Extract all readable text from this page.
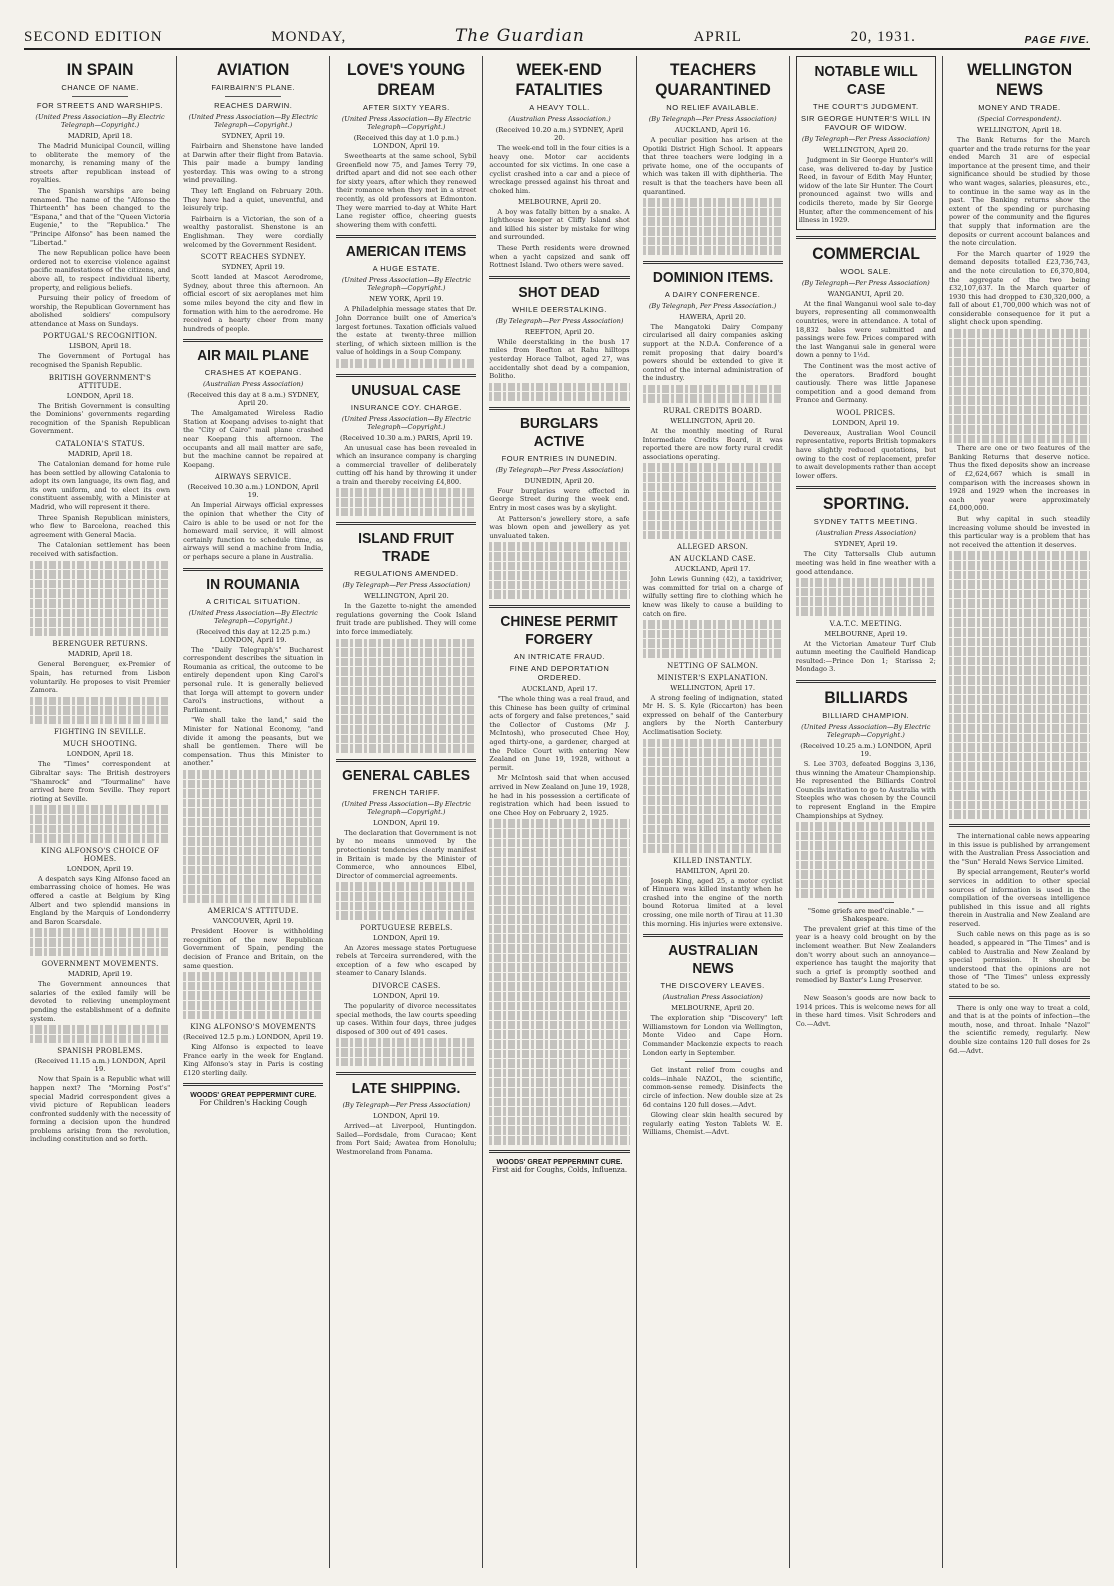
SECOND EDITION	MONDAY,	The Guardian	APRIL	20, 1931.	PAGE FIVE.
IN SPAIN
CHANCE OF NAME.
FOR STREETS AND WARSHIPS.
(United Press Association—By Electric Telegraph—Copyright.)
MADRID, April 18.

The Madrid Municipal Council, willing to obliterate the memory of the monarchy, is renaming many of the streets after republican instead of royalties.

The Spanish warships are being renamed. The name of the "Alfonso the Thirteenth" has been changed to the "Espana," and that of the "Queen Victoria Eugenie," to the "Republica." The "Principe Alfonso" has been named the "Libertad."

The new Republican police have been ordered not to exercise violence against pacific manifestations of the citizens, and above all, to respect individual liberty, property, and religious beliefs.

Pursuing their policy of freedom of worship, the Republican Government has abolished soldiers' compulsory attendance at Mass on Sundays.

PORTUGAL'S RECOGNITION.
LISBON, April 18.

The Government of Portugal has recognised the Spanish Republic.

BRITISH GOVERNMENT'S ATTITUDE.
LONDON, April 18.

The British Government is consulting the Dominions' governments regarding recognition of the Spanish Republican Government.

CATALONIA'S STATUS.
MADRID, April 18.

The Catalonian demand for home rule has been settled by allowing Catalonia to adopt its own language, its own flag, and its own uniform, and to elect its own constituent assembly, with a Minister at Madrid, who will represent it there.

Three Spanish Republican ministers, who flew to Barcelona, reached this agreement with General Macia.

The Catalonian settlement has been received with satisfaction.

BERENGUER RETURNS.
MADRID, April 18.

General Berenguer, ex-Premier of Spain, has returned from Lisbon voluntarily. He proposes to visit Premier Zamora.

FIGHTING IN SEVILLE.
MUCH SHOOTING.
LONDON, April 18.

The "Times" correspondent at Gibraltar says: The British destroyers "Shamrock" and "Tourmaline" have arrived here from Seville. They report rioting at Seville.

KING ALFONSO'S CHOICE OF HOMES.
LONDON, April 19.

A despatch says King Alfonso faced an embarrassing choice of homes. He was offered a castle at Belgium by King Albert and two splendid mansions in England by the Marquis of Londonderry and Baron Scarsdale.

GOVERNMENT MOVEMENTS.
MADRID, April 19.

The Government announces that salaries of the exiled family will be devoted to relieving unemployment pending the establishment of a definite system.

SPANISH PROBLEMS.
(Received 11.15 a.m.) LONDON, April 19.

Now that Spain is a Republic what will happen next? The "Morning Post's" special Madrid correspondent gives a vivid picture of Republican leaders confronted suddenly with the necessity of forming a decision upon the hundred problems arising from the revolution, including constitution and so forth.

AVIATION
FAIRBAIRN'S PLANE.
REACHES DARWIN.
(United Press Association—By Electric Telegraph—Copyright.)
SYDNEY, April 19.

Fairbairn and Shenstone have landed at Darwin after their flight from Batavia. This pair made a bumpy landing yesterday. This was owing to a strong wind prevailing.

They left England on February 20th. They have had a quiet, uneventful, and leisurely trip.

Fairbairn is a Victorian, the son of a wealthy pastoralist. Shenstone is an Englishman. They were cordially welcomed by the Government Resident.

SCOTT REACHES SYDNEY.
SYDNEY, April 19.

Scott landed at Mascot Aerodrome, Sydney, about three this afternoon. An official escort of six aeroplanes met him some miles beyond the city and flew in formation with him to the aerodrome. He received a hearty cheer from many hundreds of people.

AIR MAIL PLANE
CRASHES AT KOEPANG.
(Australian Press Association)
(Received this day at 8 a.m.) SYDNEY, April 20.

The Amalgamated Wireless Radio Station at Koepang advises to-night that the "City of Cairo" mail plane crashed near Koepang this afternoon. The occupants and all mail matter are safe, but the machine cannot be repaired at Koepang.

AIRWAYS SERVICE.
(Received 10.30 a.m.) LONDON, April 19.

An Imperial Airways official expresses the opinion that whether the City of Cairo is able to be used or not for the homeward mail service, it will almost certainly function to schedule time, as airways will send a machine from India, or perhaps secure a plane in Australia.

IN ROUMANIA
A CRITICAL SITUATION.
(United Press Association—By Electric Telegraph—Copyright.)
(Received this day at 12.25 p.m.) LONDON, April 19.

The "Daily Telegraph's" Bucharest correspondent describes the situation in Roumania as critical, the outcome to be entirely dependent upon King Carol's personal rule. It is generally believed that Iorga will attempt to govern under Carol's instructions, without a Parliament.

"We shall take the land," said the Minister for National Economy, "and divide it among the peasants, but we shall be gentlemen. There will be compensation. Thus this Minister to another."

AMERICA'S ATTITUDE.
VANCOUVER, April 19.

President Hoover is withholding recognition of the new Republican Government of Spain, pending the decision of France and Britain, on the same question.

KING ALFONSO'S MOVEMENTS
(Received 12.5 p.m.) LONDON, April 19.

King Alfonso is expected to leave France early in the week for England. King Alfonso's stay in Paris is costing £120 sterling daily.

WOODS' GREAT PEPPERMINT CURE.
For Children's Hacking Cough
LOVE'S YOUNG DREAM
AFTER SIXTY YEARS.
(United Press Association—By Electric Telegraph—Copyright.)
(Received this day at 1.0 p.m.) LONDON, April 19.

Sweethearts at the same school, Sybil Greenfield now 75, and James Terry 79, drifted apart and did not see each other for sixty years, after which they renewed their romance when they met in a street recently, as old professors at Edmonton. They were married to-day at White Hart Lane register office, cheering guests showering them with confetti.

AMERICAN ITEMS
A HUGE ESTATE.
(United Press Association—By Electric Telegraph—Copyright.)
NEW YORK, April 19.

A Philadelphia message states that Dr. John Dorrance built one of America's largest fortunes. Taxation officials valued the estate at twenty-three million sterling, of which sixteen million is the value of holdings in a Soup Company.

UNUSUAL CASE
INSURANCE COY. CHARGE.
(United Press Association—By Electric Telegraph—Copyright.)
(Received 10.30 a.m.) PARIS, April 19.

An unusual case has been revealed in which an insurance company is charging a commercial traveller of deliberately cutting off his hand by throwing it under a train and thereby receiving £4,800.

ISLAND FRUIT TRADE
REGULATIONS AMENDED.
(By Telegraph—Per Press Association)
WELLINGTON, April 20.

In the Gazette to-night the amended regulations governing the Cook Island fruit trade are published. They will come into force immediately.

GENERAL CABLES
FRENCH TARIFF.
(United Press Association—By Electric Telegraph—Copyright.)
LONDON, April 19.

The declaration that Government is not by no means unmoved by the protectionist tendencies clearly manifest in Britain is made by the Minister of Commerce, who announces Elbel, Director of commercial agreements.

PORTUGUESE REBELS.
LONDON, April 19.

An Azores message states Portuguese rebels at Terceira surrendered, with the exception of a few who escaped by steamer to Canary Islands.

DIVORCE CASES.
LONDON, April 19.

The popularity of divorce necessitates special methods, the law courts speeding up cases. Within four days, three judges disposed of 300 out of 491 cases.

LATE SHIPPING.
(By Telegraph—Per Press Association)
LONDON, April 19.

Arrived—at Liverpool, Huntingdon. Sailed—Fordsdale, from Curacao; Kent from Port Said; Awatea from Honolulu; Westmoreland from Panama.

WEEK-END FATALITIES
A HEAVY TOLL.
(Australian Press Association.)
(Received 10.20 a.m.) SYDNEY, April 20.

The week-end toll in the four cities is a heavy one. Motor car accidents accounted for six victims. In one case a cyclist crashed into a car and a piece of wreckage pressed against his throat and choked him.

MELBOURNE, April 20.

A boy was fatally bitten by a snake. A lighthouse keeper at Cliffy Island shot and killed his sister by mistake for wing and surrounded.

These Perth residents were drowned when a yacht capsized and sank off Rottnest Island. Two others were saved.

SHOT DEAD
WHILE DEERSTALKING.
(By Telegraph—Per Press Association)
REEFTON, April 20.

While deerstalking in the bush 17 miles from Reefton at Rahu hilltops yesterday Horace Talbot, aged 27, was accidentally shot dead by a companion, Bolitho.

BURGLARS ACTIVE
FOUR ENTRIES IN DUNEDIN.
(By Telegraph—Per Press Association)
DUNEDIN, April 20.

Four burglaries were effected in George Street during the week end. Entry in most cases was by a skylight.

At Patterson's jewellery store, a safe was blown open and jewellery as yet unvaluated taken.

CHINESE PERMIT FORGERY
AN INTRICATE FRAUD.
FINE AND DEPORTATION ORDERED.
AUCKLAND, April 17.

"The whole thing was a real fraud, and this Chinese has been guilty of criminal acts of forgery and false pretences," said the Collector of Customs (Mr J. McIntosh), who prosecuted Chee Hoy, aged thirty-one, a gardener, charged at the Police Court with entering New Zealand on June 19, 1928, without a permit.

Mr McIntosh said that when accused arrived in New Zealand on June 19, 1928, he had in his possession a certificate of registration which had been issued to one Chee Hoy on February 2, 1925.

WOODS' GREAT PEPPERMINT CURE.
First aid for Coughs, Colds, Influenza.
TEACHERS QUARANTINED
NO RELIEF AVAILABLE.
(By Telegraph—Per Press Association)
AUCKLAND, April 16.

A peculiar position has arisen at the Opotiki District High School. It appears that three teachers were lodging in a private home, one of the occupants of which was taken ill with diphtheria. The result is that the teachers have been all quarantined.

DOMINION ITEMS.
A DAIRY CONFERENCE.
(By Telegraph, Per Press Association.)
HAWERA, April 20.

The Mangatoki Dairy Company circularised all dairy companies asking support at the N.D.A. Conference of a remit proposing that dairy board's powers should be extended to give it control of the internal administration of the industry.

RURAL CREDITS BOARD.
WELLINGTON, April 20.

At the monthly meeting of Rural Intermediate Credits Board, it was reported there are now forty rural credit associations operating.

ALLEGED ARSON.
AN AUCKLAND CASE.
AUCKLAND, April 17.

John Lewis Gunning (42), a taxidriver, was committed for trial on a charge of wilfully setting fire to clothing which he knew was likely to cause a building to catch on fire.

NETTING OF SALMON.
MINISTER'S EXPLANATION.
WELLINGTON, April 17.

A strong feeling of indignation, stated Mr H. S. S. Kyle (Riccarton) has been expressed on behalf of the Canterbury anglers by the North Canterbury Acclimatisation Society.

KILLED INSTANTLY.
HAMILTON, April 20.

Joseph King, aged 25, a motor cyclist of Hinuera was killed instantly when he crashed into the engine of the north bound Rotorua limited at a level crossing, one mile north of Tirau at 11.30 this morning. His injuries were extensive.

AUSTRALIAN NEWS
THE DISCOVERY LEAVES.
(Australian Press Association)
MELBOURNE, April 20.

The exploration ship "Discovery" left Williamstown for London via Wellington, Monte Video and Cape Horn. Commander Mackenzie expects to reach London early in September.

Get instant relief from coughs and colds—inhale NAZOL, the scientific, common-sense remedy. Disinfects the circle of infection. New double size at 2s 6d contains 120 full doses.—Advt.

Glowing clear skin health secured by regularly eating Yeston Tablets W. E. Williams, Chemist.—Advt.

NOTABLE WILL CASE
THE COURT'S JUDGMENT.
SIR GEORGE HUNTER'S WILL IN FAVOUR OF WIDOW.
(By Telegraph—Per Press Association)
WELLINGTON, April 20.

Judgment in Sir George Hunter's will case, was delivered to-day by Justice Reed, in favour of Edith May Hunter, widow of the late Sir Hunter. The Court pronounced against two wills and codicils thereto, made by Sir George Hunter, after the commencement of his illness in 1929.

COMMERCIAL
WOOL SALE.
(By Telegraph—Per Press Association)
WANGANUI, April 20.

At the final Wanganui wool sale to-day buyers, representing all commonwealth countries, were in attendance. A total of 18,832 bales were submitted and passings were few. Prices compared with the last Wanganui sale in general were down a penny to 1½d.

The Continent was the most active of the operators. Bradford bought cautiously. There was little Japanese competition and a good demand from France and Germany.

WOOL PRICES.
LONDON, April 19.

Devereaux, Australian Wool Council representative, reports British topmakers have slightly reduced quotations, but owing to the cost of replacement, prefer to await developments rather than accept lower offers.

SPORTING.
SYDNEY TATTS MEETING.
(Australian Press Association)
SYDNEY, April 19.

The City Tattersalls Club autumn meeting was held in fine weather with a good attendance.

V.A.T.C. MEETING.
MELBOURNE, April 19.

At the Victorian Amateur Turf Club autumn meeting the Caulfield Handicap resulted:—Prince Don 1; Starissa 2; Mondago 3.

BILLIARDS
BILLIARD CHAMPION.
(United Press Association—By Electric Telegraph—Copyright.)
(Received 10.25 a.m.) LONDON, April 19.

S. Lee 3703, defeated Boggins 3,136, thus winning the Amateur Championship. He represented the Billiards Control Councils invitation to go to Australia with Steeples who was chosen by the Council to represent England in the Empire Championships at Sydney.

"Some griefs are med'cinable." —Shakespeare.

The prevalent grief at this time of the year is a heavy cold brought on by the inclement weather. But New Zealanders don't worry about such an annoyance—experience has taught the majority that such a grief is promptly soothed and remedied by Baxter's Lung Preserver.

New Season's goods are now back to 1914 prices. This is welcome news for all in these hard times. Visit Schroders and Co.—Advt.

WELLINGTON NEWS
MONEY AND TRADE.
(Special Correspondent).
WELLINGTON, April 18.

The Bank Returns for the March quarter and the trade returns for the year ended March 31 are of especial importance at the present time, and their significance should be studied by those who want wages, salaries, pleasures, etc., to continue in the same way as in the past. The Banking returns show the extent of the spending or purchasing power of the community and the figures that supply that information are the deposits or current account balances and the note circulation.

For the March quarter of 1929 the demand deposits totalled £23,736,743, and the note circulation to £6,370,804, the aggregate of the two being £32,107,637. In the March quarter of 1930 this had dropped to £30,320,000, a fall of about £1,700,000 which was not of considerable consequence for it put a slight check upon spending.

There are one or two features of the Banking Returns that deserve notice. Thus the fixed deposits show an increase of £2,624,667 which is small in comparison with the increases shown in 1928 and 1929 when the increases in each year were approximately £4,000,000.

But why capital in such steadily increasing volume should be invested in this particular way is a problem that has not received the attention it deserves.

The international cable news appearing in this issue is published by arrangement with the Australian Press Association and the "Sun" Herald News Service Limited.

By special arrangement, Reuter's world services in addition to other special sources of information is used in the compilation of the overseas intelligence published in this issue and all rights therein in Australia and New Zealand are reserved.

Such cable news on this page as is so headed, s appeared in "The Times" and is cabled to Australia and New Zealand by special permission. It should be understood that the opinions are not those of "The Times" unless expressly stated to be so.

There is only one way to treat a cold, and that is at the points of infection—the mouth, nose, and throat. Inhale "Nazol" the scientific remedy, regularly. New double size contains 120 full doses for 2s 6d.—Advt.
